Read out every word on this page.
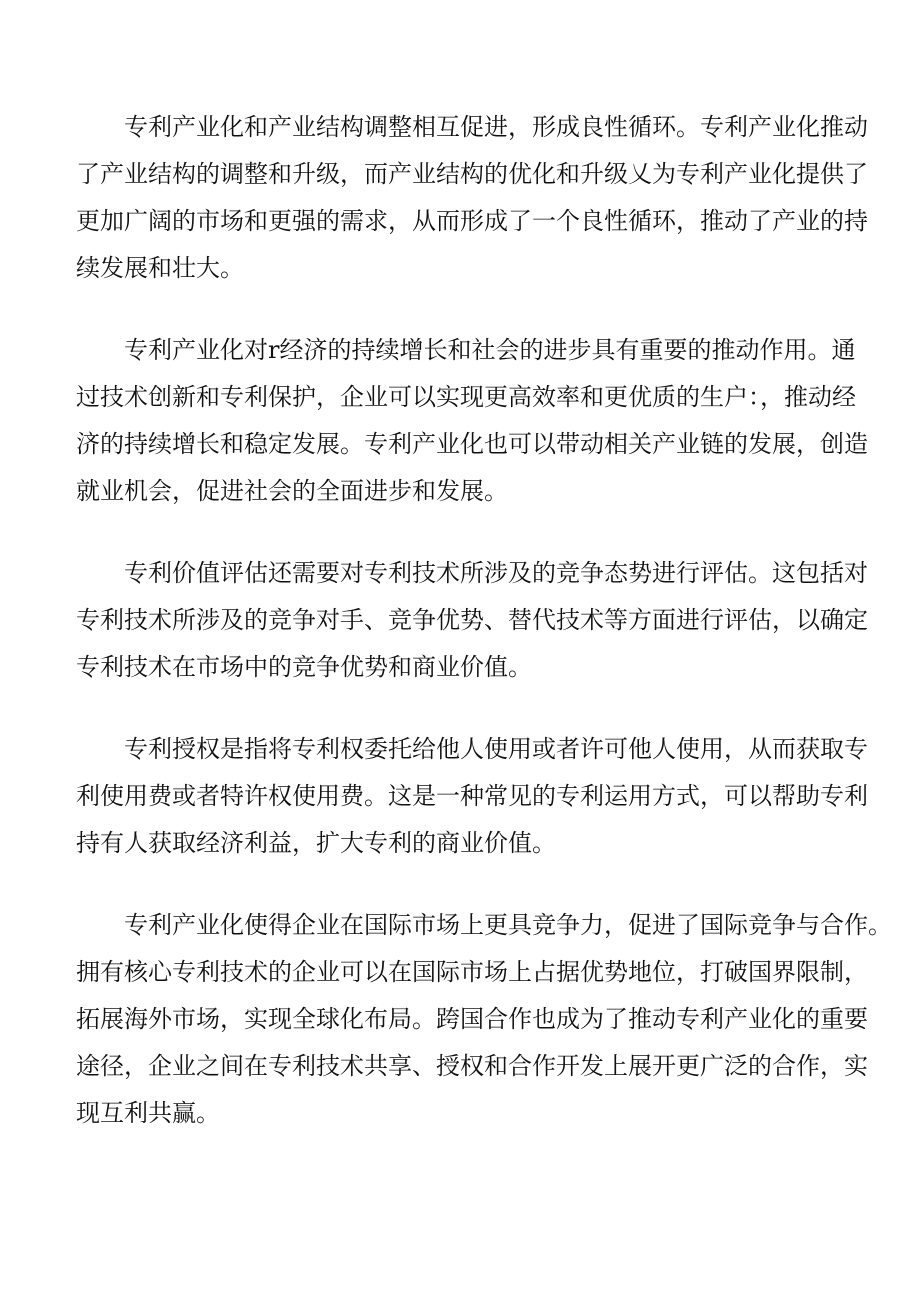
专利产业化和产业结构调整相互促进，形成良性循环。专利产业化推动
了产业结构的调整和升级，而产业结构的优化和升级乂为专利产业化提供了
更加广阔的市场和更强的需求，从而形成了一个良性循环，推动了产业的持
续发展和壮大。

专利产业化对r经济的持续增长和社会的进步具有重要的推动作用。通
过技术创新和专利保护，企业可以实现更高效率和更优质的生户：，推动经
济的持续增长和稳定发展。专利产业化也可以带动相关产业链的发展，创造
就业机会，促进社会的全面进步和发展。

专利价值评估还需要对专利技术所涉及的竞争态势进行评估。这包括对
专利技术所涉及的竞争对手、竞争优势、替代技术等方面进行评估，以确定
专利技术在市场中的竞争优势和商业价值。

专利授权是指将专利权委托给他人使用或者许可他人使用，从而获取专
利使用费或者特许权使用费。这是一种常见的专利运用方式，可以帮助专利
持有人获取经济利益，扩大专利的商业价值。

专利产业化使得企业在国际市场上更具竞争力，促进了国际竞争与合作。
拥有核心专利技术的企业可以在国际市场上占据优势地位，打破国界限制，
拓展海外市场，实现全球化布局。跨国合作也成为了推动专利产业化的重要
途径，企业之间在专利技术共享、授权和合作开发上展开更广泛的合作，实
现互利共赢。
